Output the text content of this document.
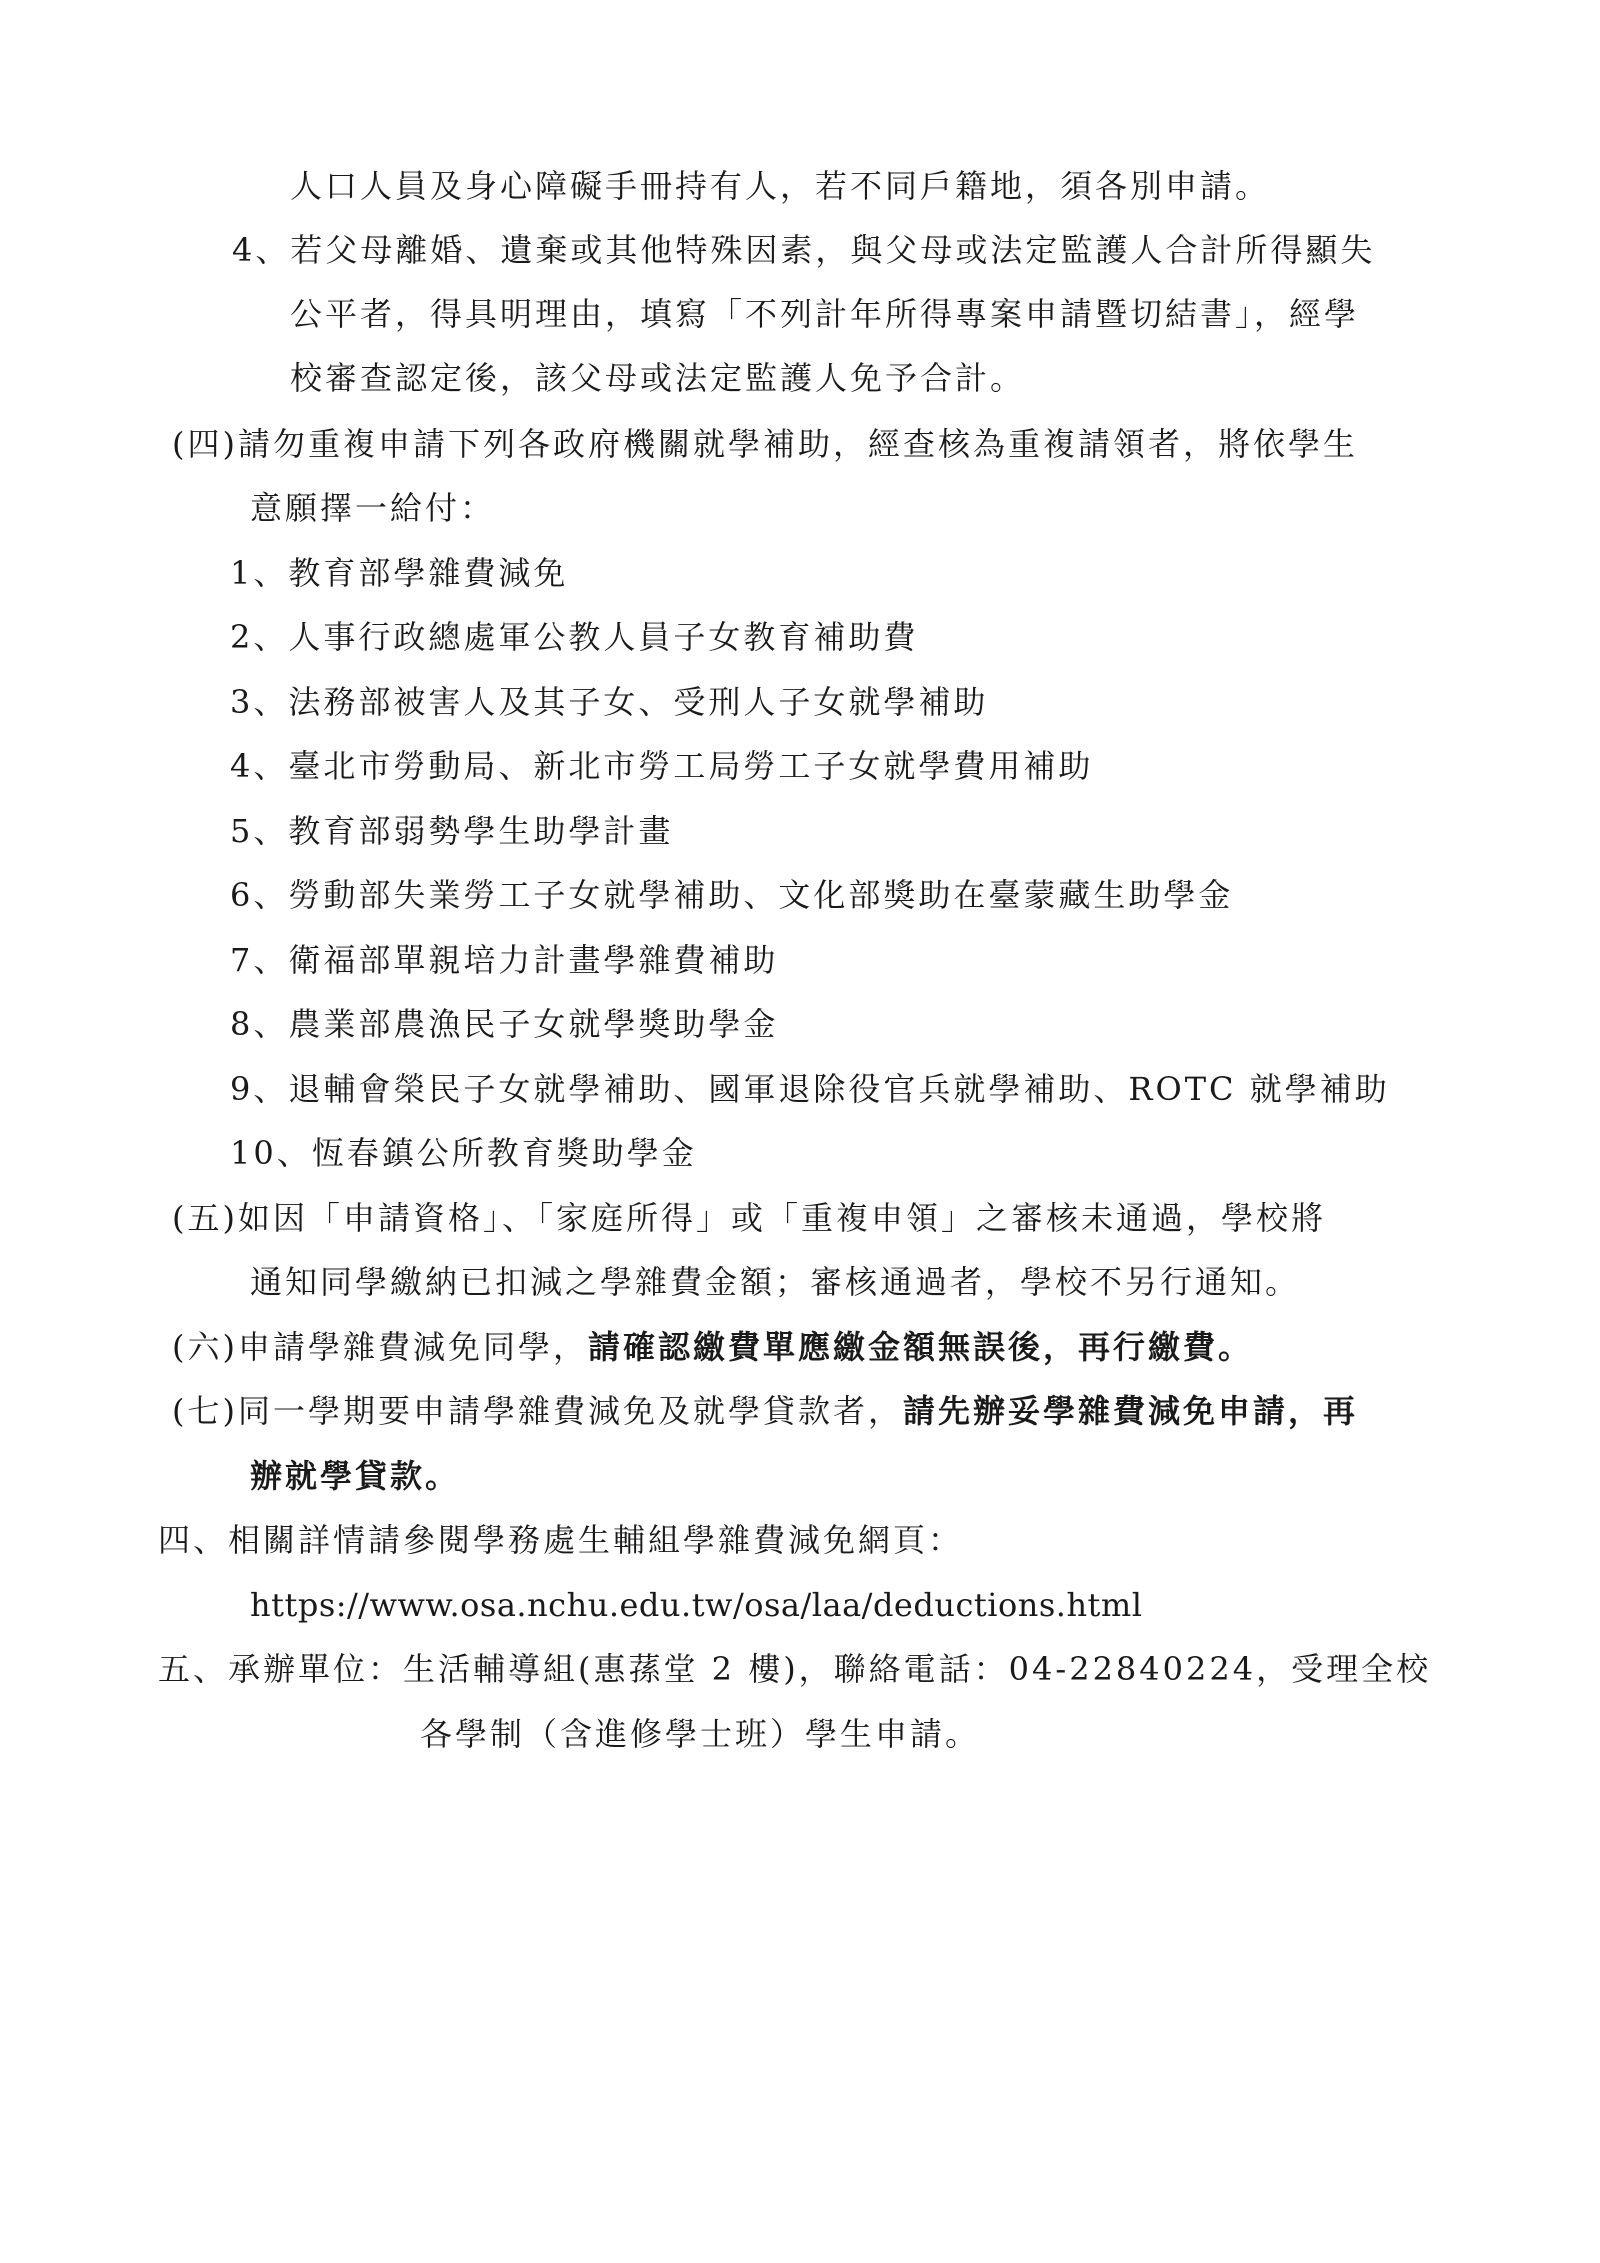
人口人員及身心障礙手冊持有人，若不同戶籍地，須各別申請。
4、若父母離婚、遺棄或其他特殊因素，與父母或法定監護人合計所得顯失
公平者，得具明理由，填寫「不列計年所得專案申請暨切結書」，經學
校審查認定後，該父母或法定監護人免予合計。
(四)請勿重複申請下列各政府機關就學補助，經查核為重複請領者，將依學生
意願擇一給付：
1、教育部學雜費減免
2、人事行政總處軍公教人員子女教育補助費
3、法務部被害人及其子女、受刑人子女就學補助
4、臺北市勞動局、新北市勞工局勞工子女就學費用補助
5、教育部弱勢學生助學計畫
6、勞動部失業勞工子女就學補助、文化部獎助在臺蒙藏生助學金
7、衛福部單親培力計畫學雜費補助
8、農業部農漁民子女就學獎助學金
9、退輔會榮民子女就學補助、國軍退除役官兵就學補助、ROTC 就學補助
10、恆春鎮公所教育獎助學金
(五)如因「申請資格」、「家庭所得」或「重複申領」之審核未通過，學校將
通知同學繳納已扣減之學雜費金額；審核通過者，學校不另行通知。
(六)申請學雜費減免同學，請確認繳費單應繳金額無誤後，再行繳費。
(七)同一學期要申請學雜費減免及就學貸款者，請先辦妥學雜費減免申請，再
辦就學貸款。
四、相關詳情請參閱學務處生輔組學雜費減免網頁：
https://www.osa.nchu.edu.tw/osa/laa/deductions.html
五、承辦單位：生活輔導組(惠蓀堂 2 樓)，聯絡電話：04-22840224，受理全校
各學制（含進修學士班）學生申請。
